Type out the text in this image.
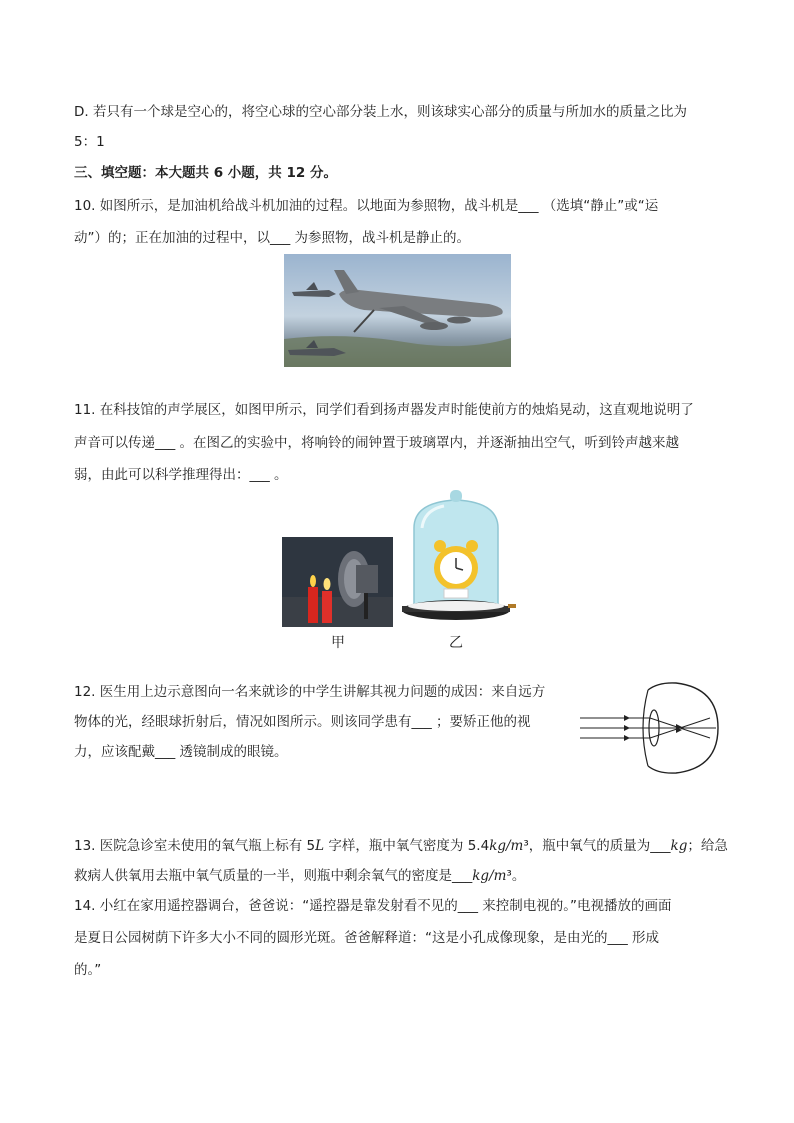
D. 若只有一个球是空心的，将空心球的空心部分装上水，则该球实心部分的质量与所加水的质量之比为
5：1
三、填空题：本大题共 6 小题，共 12 分。
10. 如图所示，是加油机给战斗机加油的过程。以地面为参照物，战斗机是___ （选填“静止”或“运
动”）的；正在加油的过程中，以___ 为参照物，战斗机是静止的。
11. 在科技馆的声学展区，如图甲所示，同学们看到扬声器发声时能使前方的烛焰晃动，这直观地说明了
声音可以传递___ 。在图乙的实验中，将响铃的闹钟置于玻璃罩内，并逐渐抽出空气，听到铃声越来越
弱，由此可以科学推理得出：___ 。
甲	乙
12. 医生用上边示意图向一名来就诊的中学生讲解其视力问题的成因：来自远方
物体的光，经眼球折射后，情况如图所示。则该同学患有___ ；要矫正他的视
力，应该配戴___ 透镜制成的眼镜。
13. 医院急诊室未使用的氧气瓶上标有 5L 字样，瓶中氧气密度为 5.4kg/m³，瓶中氧气的质量为___kg；给急
救病人供氧用去瓶中氧气质量的一半，则瓶中剩余氧气的密度是___kg/m³。
14. 小红在家用遥控器调台，爸爸说：“遥控器是靠发射看不见的___ 来控制电视的。”电视播放的画面
是夏日公园树荫下许多大小不同的圆形光斑。爸爸解释道：“这是小孔成像现象，是由光的___ 形成
的。”
